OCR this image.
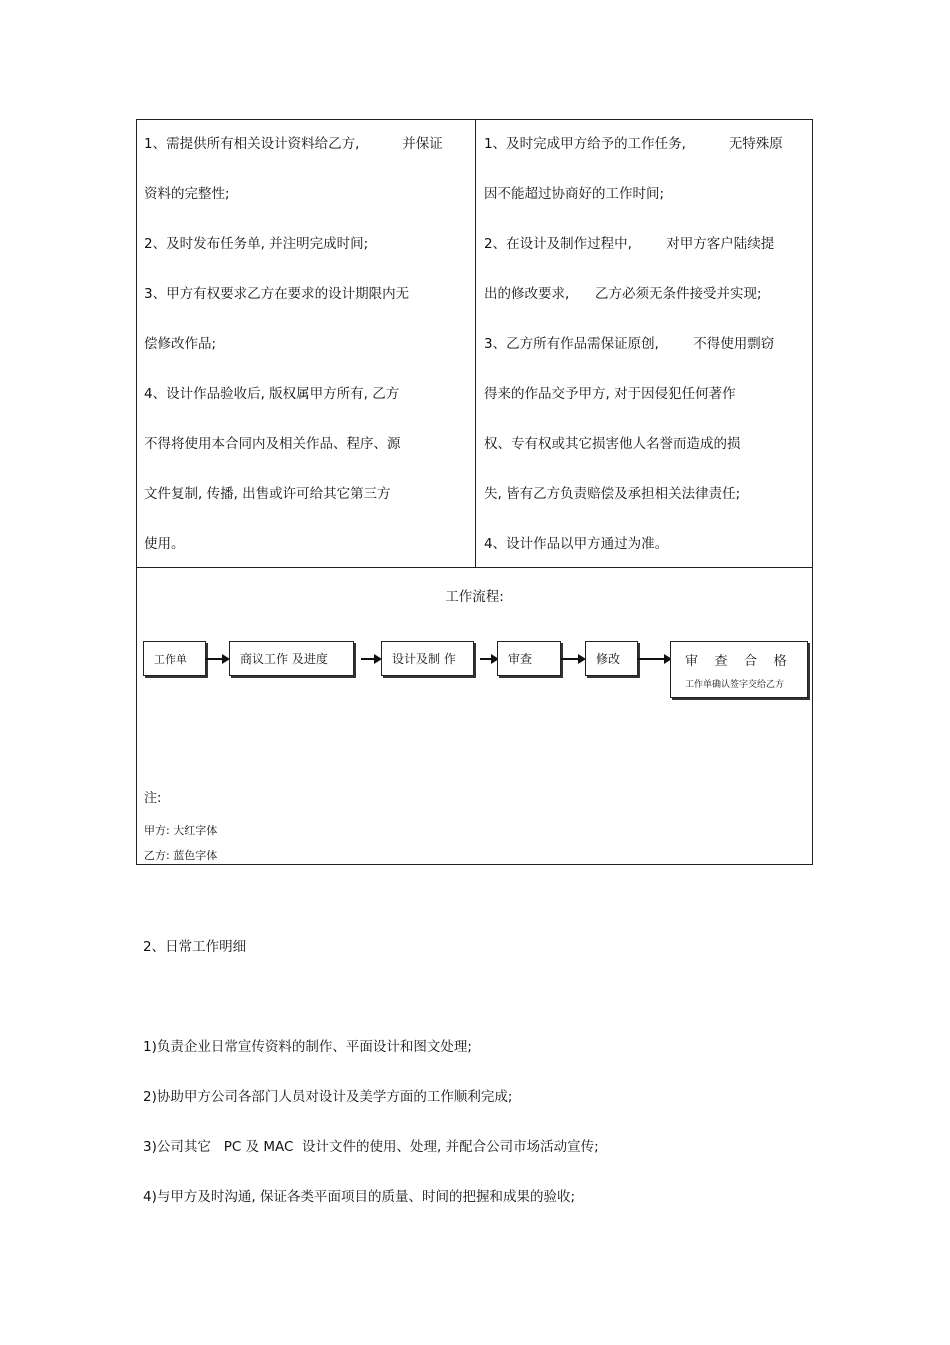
1、需提供所有相关设计资料给乙方,          并保证
资料的完整性;
2、及时发布任务单, 并注明完成时间;
3、甲方有权要求乙方在要求的设计期限内无
偿修改作品;
4、设计作品验收后, 版权属甲方所有, 乙方
不得将使用本合同内及相关作品、程序、源
文件复制, 传播, 出售或许可给其它第三方
使用。
1、及时完成甲方给予的工作任务,          无特殊原
因不能超过协商好的工作时间;
2、在设计及制作过程中,        对甲方客户陆续提
出的修改要求,      乙方必须无条件接受并实现;
3、乙方所有作品需保证原创,        不得使用剽窃
得来的作品交予甲方, 对于因侵犯任何著作
权、专有权或其它损害他人名誉而造成的损
失, 皆有乙方负责赔偿及承担相关法律责任;
4、设计作品以甲方通过为准。
工作流程:
工作单	商议工作 及进度	设计及制 作	审查	修改	审    查    合    格
工作单确认签字交给乙方
注:
甲方: 大红字体
乙方: 蓝色字体
2、日常工作明细
1)负责企业日常宣传资料的制作、平面设计和图文处理;
2)协助甲方公司各部门人员对设计及美学方面的工作顺利完成;
3)公司其它   PC 及 MAC  设计文件的使用、处理, 并配合公司市场活动宣传;
4)与甲方及时沟通, 保证各类平面项目的质量、时间的把握和成果的验收;
